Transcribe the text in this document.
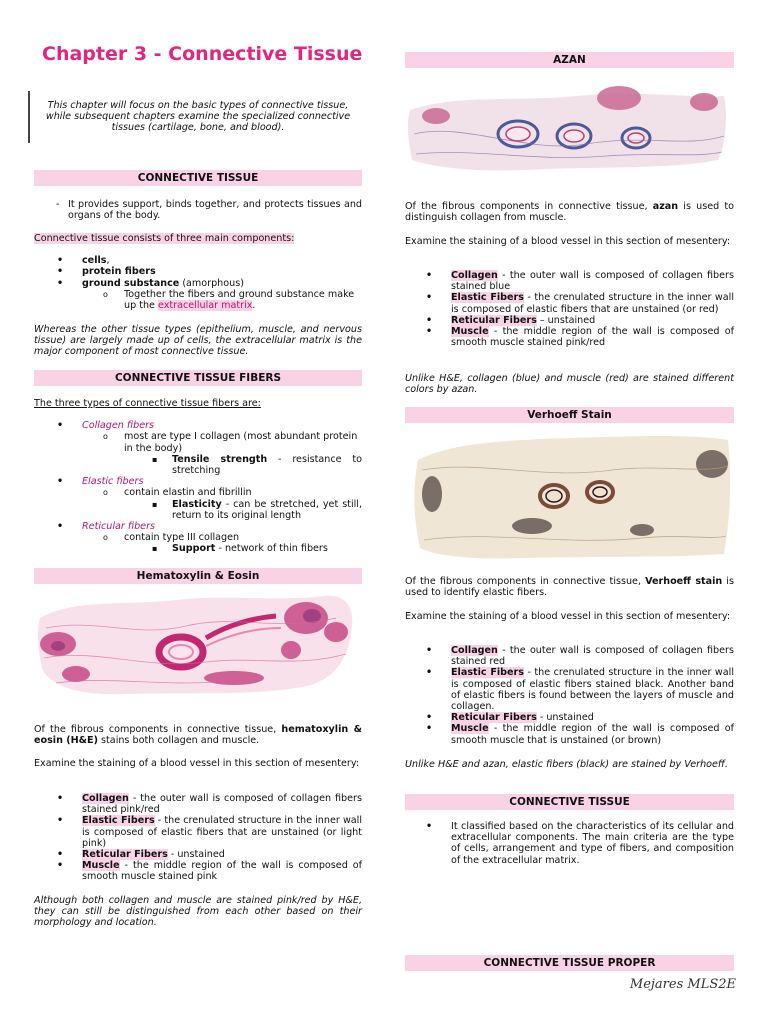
Chapter 3 - Connective Tissue
This chapter will focus on the basic types of connective tissue, while subsequent chapters examine the specialized connective tissues (cartilage, bone, and blood).
CONNECTIVE TISSUE
- It provides support, binds together, and protects tissues and organs of the body.
Connective tissue consists of three main components:
• cells,
• protein fibers
• ground substance (amorphous)
o Together the fibers and ground substance make up the extracellular matrix.
Whereas the other tissue types (epithelium, muscle, and nervous tissue) are largely made up of cells, the extracellular matrix is the major component of most connective tissue.
CONNECTIVE TISSUE FIBERS
The three types of connective tissue fibers are:
• Collagen fibers
o most are type I collagen (most abundant protein in the body)
▪ Tensile strength - resistance to stretching
• Elastic fibers
o contain elastin and fibrillin
▪ Elasticity - can be stretched, yet still, return to its original length
• Reticular fibers
o contain type III collagen
▪ Support - network of thin fibers
Hematoxylin & Eosin
Of the fibrous components in connective tissue, hematoxylin & eosin (H&E) stains both collagen and muscle.
Examine the staining of a blood vessel in this section of mesentery:
• Collagen - the outer wall is composed of collagen fibers stained pink/red
• Elastic Fibers - the crenulated structure in the inner wall is composed of elastic fibers that are unstained (or light pink)
• Reticular Fibers - unstained
• Muscle - the middle region of the wall is composed of smooth muscle stained pink
Although both collagen and muscle are stained pink/red by H&E, they can still be distinguished from each other based on their morphology and location.
AZAN
Of the fibrous components in connective tissue, azan is used to distinguish collagen from muscle.
Examine the staining of a blood vessel in this section of mesentery:
• Collagen - the outer wall is composed of collagen fibers stained blue
• Elastic Fibers - the crenulated structure in the inner wall is composed of elastic fibers that are unstained (or red)
• Reticular Fibers – unstained
• Muscle - the middle region of the wall is composed of smooth muscle stained pink/red
Unlike H&E, collagen (blue) and muscle (red) are stained different colors by azan.
Verhoeff Stain
Of the fibrous components in connective tissue, Verhoeff stain is used to identify elastic fibers.
Examine the staining of a blood vessel in this section of mesentery:
• Collagen - the outer wall is composed of collagen fibers stained red
• Elastic Fibers - the crenulated structure in the inner wall is composed of elastic fibers stained black. Another band of elastic fibers is found between the layers of muscle and collagen.
• Reticular Fibers - unstained
• Muscle - the middle region of the wall is composed of smooth muscle that is unstained (or brown)
Unlike H&E and azan, elastic fibers (black) are stained by Verhoeff.
CONNECTIVE TISSUE
• It classified based on the characteristics of its cellular and extracellular components. The main criteria are the type of cells, arrangement and type of fibers, and composition of the extracellular matrix.
CONNECTIVE TISSUE PROPER
Mejares MLS2E
